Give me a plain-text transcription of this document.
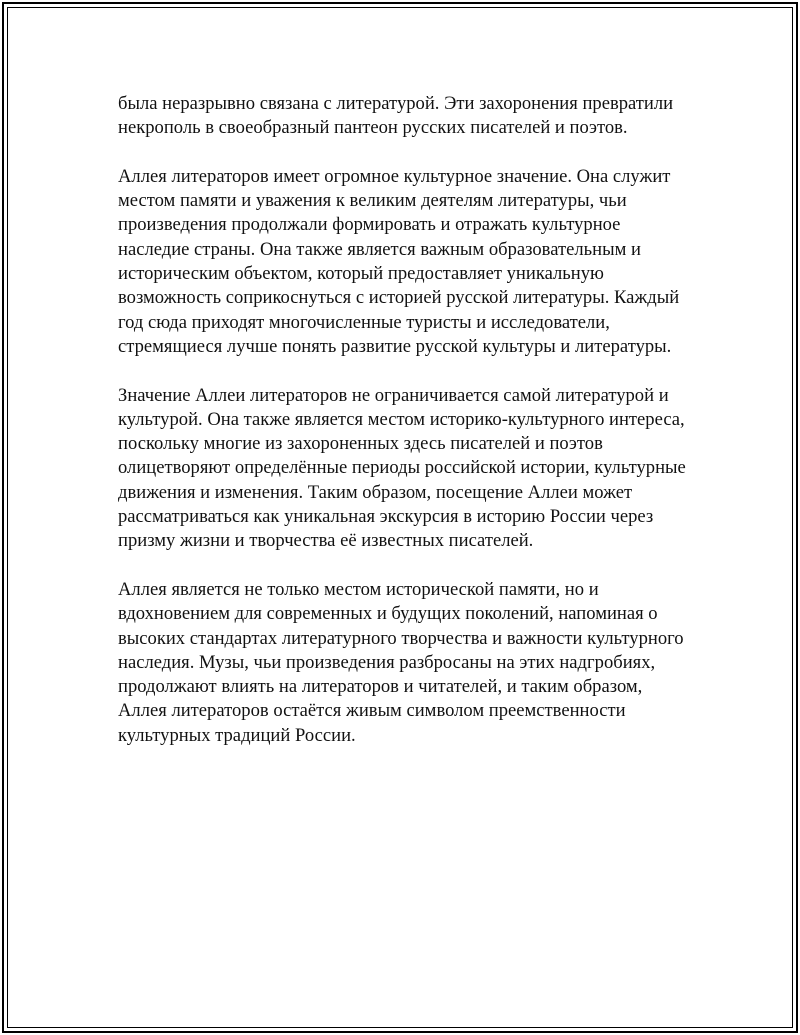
была неразрывно связана с литературой. Эти захоронения превратили
некрополь в своеобразный пантеон русских писателей и поэтов.

Аллея литераторов имеет огромное культурное значение. Она служит
местом памяти и уважения к великим деятелям литературы, чьи
произведения продолжали формировать и отражать культурное
наследие страны. Она также является важным образовательным и
историческим объектом, который предоставляет уникальную
возможность соприкоснуться с историей русской литературы. Каждый
год сюда приходят многочисленные туристы и исследователи,
стремящиеся лучше понять развитие русской культуры и литературы.

Значение Аллеи литераторов не ограничивается самой литературой и
культурой. Она также является местом историко-культурного интереса,
поскольку многие из захороненных здесь писателей и поэтов
олицетворяют определённые периоды российской истории, культурные
движения и изменения. Таким образом, посещение Аллеи может
рассматриваться как уникальная экскурсия в историю России через
призму жизни и творчества её известных писателей.

Аллея является не только местом исторической памяти, но и
вдохновением для современных и будущих поколений, напоминая о
высоких стандартах литературного творчества и важности культурного
наследия. Музы, чьи произведения разбросаны на этих надгробиях,
продолжают влиять на литераторов и читателей, и таким образом,
Аллея литераторов остаётся живым символом преемственности
культурных традиций России.
